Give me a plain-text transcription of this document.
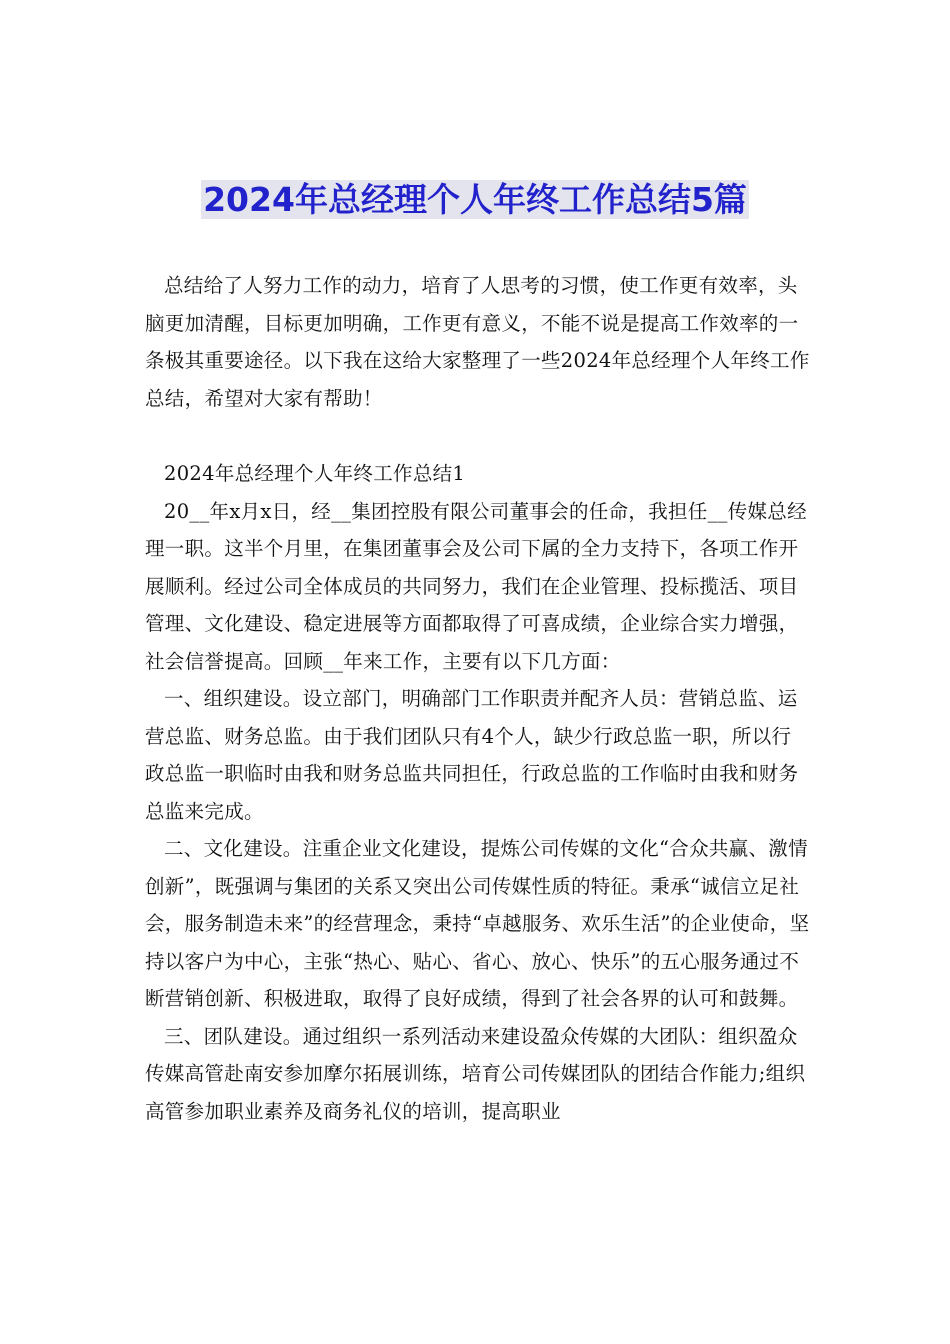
2024年总经理个人年终工作总结5篇

总结给了人努力工作的动力，培育了人思考的习惯，使工作更有效率，头脑更加清醒，目标更加明确，工作更有意义，不能不说是提高工作效率的一条极其重要途径。以下我在这给大家整理了一些2024年总经理个人年终工作总结，希望对大家有帮助！

2024年总经理个人年终工作总结1

20__年x月x日，经__集团控股有限公司董事会的任命，我担任__传媒总经理一职。这半个月里，在集团董事会及公司下属的全力支持下，各项工作开展顺利。经过公司全体成员的共同努力，我们在企业管理、投标揽活、项目管理、文化建设、稳定进展等方面都取得了可喜成绩，企业综合实力增强，社会信誉提高。回顾__年来工作，主要有以下几方面：

一、组织建设。设立部门，明确部门工作职责并配齐人员：营销总监、运营总监、财务总监。由于我们团队只有4个人，缺少行政总监一职，所以行政总监一职临时由我和财务总监共同担任，行政总监的工作临时由我和财务总监来完成。

二、文化建设。注重企业文化建设，提炼公司传媒的文化“合众共赢、激情创新”，既强调与集团的关系又突出公司传媒性质的特征。秉承“诚信立足社会，服务制造未来”的经营理念，秉持“卓越服务、欢乐生活”的企业使命，坚持以客户为中心，主张“热心、贴心、省心、放心、快乐”的五心服务通过不断营销创新、积极进取，取得了良好成绩，得到了社会各界的认可和鼓舞。

三、团队建设。通过组织一系列活动来建设盈众传媒的大团队：组织盈众传媒高管赴南安参加摩尔拓展训练，培育公司传媒团队的团结合作能力;组织高管参加职业素养及商务礼仪的培训，提高职业
